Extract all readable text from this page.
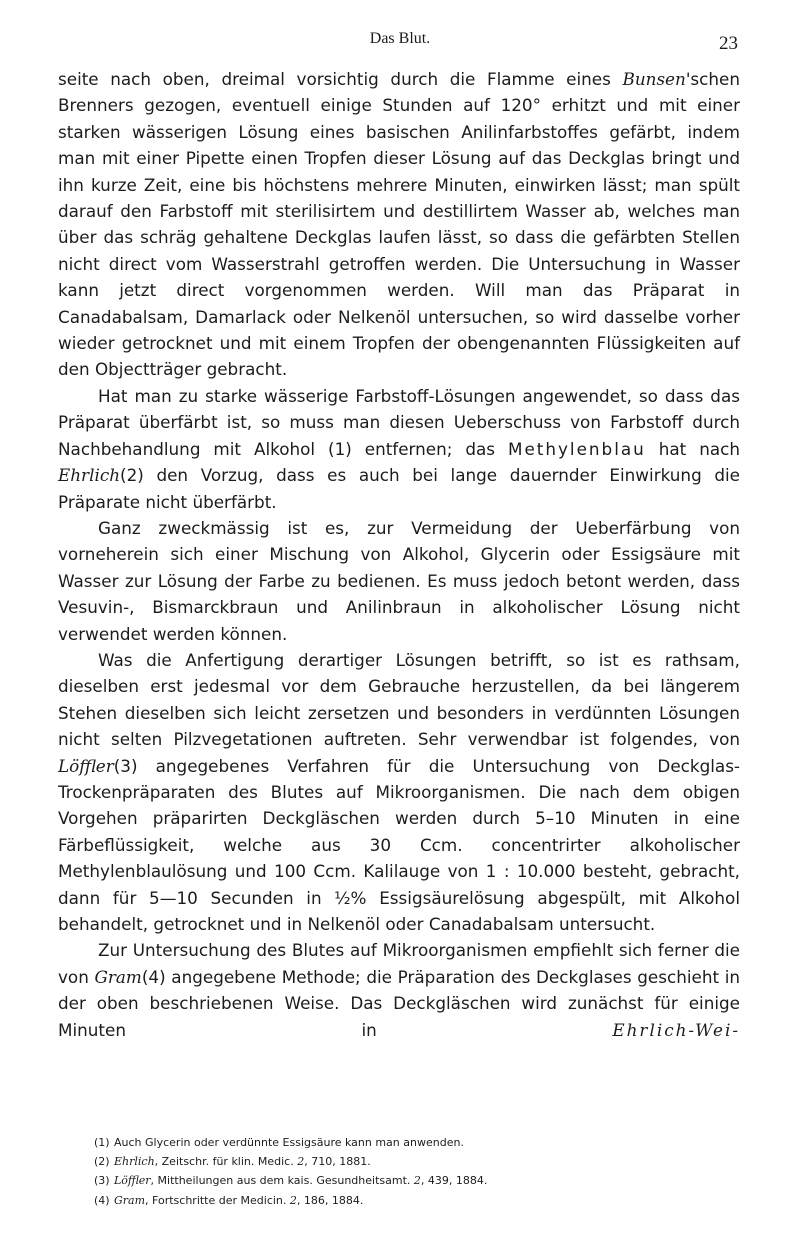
Das Blut.	23

seite nach oben, dreimal vorsichtig durch die Flamme eines Bunsen'schen Brenners gezogen, eventuell einige Stunden auf 120° erhitzt und mit einer starken wässerigen Lösung eines basischen Anilinfarbstoffes gefärbt, indem man mit einer Pipette einen Tropfen dieser Lösung auf das Deckglas bringt und ihn kurze Zeit, eine bis höchstens mehrere Minuten, einwirken lässt; man spült darauf den Farbstoff mit sterilisirtem und destillirtem Wasser ab, welches man über das schräg gehaltene Deckglas laufen lässt, so dass die gefärbten Stellen nicht direct vom Wasserstrahl getroffen werden. Die Untersuchung in Wasser kann jetzt direct vorgenommen werden. Will man das Präparat in Canadabalsam, Damarlack oder Nelkenöl untersuchen, so wird dasselbe vorher wieder getrocknet und mit einem Tropfen der obengenannten Flüssigkeiten auf den Objectträger gebracht.

Hat man zu starke wässerige Farbstoff-Lösungen angewendet, so dass das Präparat überfärbt ist, so muss man diesen Ueberschuss von Farbstoff durch Nachbehandlung mit Alkohol (1) entfernen; das Methylenblau hat nach Ehrlich(2) den Vorzug, dass es auch bei lange dauernder Einwirkung die Präparate nicht überfärbt.

Ganz zweckmässig ist es, zur Vermeidung der Ueberfärbung von vorneherein sich einer Mischung von Alkohol, Glycerin oder Essigsäure mit Wasser zur Lösung der Farbe zu bedienen. Es muss jedoch betont werden, dass Vesuvin-, Bismarckbraun und Anilinbraun in alkoholischer Lösung nicht verwendet werden können.

Was die Anfertigung derartiger Lösungen betrifft, so ist es rathsam, dieselben erst jedesmal vor dem Gebrauche herzustellen, da bei längerem Stehen dieselben sich leicht zersetzen und besonders in verdünnten Lösungen nicht selten Pilzvegetationen auftreten. Sehr verwendbar ist folgendes, von Löffler(3) angegebenes Verfahren für die Untersuchung von Deckglas-Trockenpräparaten des Blutes auf Mikroorganismen. Die nach dem obigen Vorgehen präparirten Deckgläschen werden durch 5–10 Minuten in eine Färbeflüssigkeit, welche aus 30 Ccm. concentrirter alkoholischer Methylenblaulösung und 100 Ccm. Kalilauge von 1 : 10.000 besteht, gebracht, dann für 5—10 Secunden in ½% Essigsäurelösung abgespült, mit Alkohol behandelt, getrocknet und in Nelkenöl oder Canadabalsam untersucht.

Zur Untersuchung des Blutes auf Mikroorganismen empfiehlt sich ferner die von Gram(4) angegebene Methode; die Präparation des Deckglases geschieht in der oben beschriebenen Weise. Das Deckgläschen wird zunächst für einige Minuten in Ehrlich-Wei-

(1) Auch Glycerin oder verdünnte Essigsäure kann man anwenden.
(2) Ehrlich, Zeitschr. für klin. Medic. 2, 710, 1881.
(3) Löffler, Mittheilungen aus dem kais. Gesundheitsamt. 2, 439, 1884.
(4) Gram, Fortschritte der Medicin. 2, 186, 1884.
